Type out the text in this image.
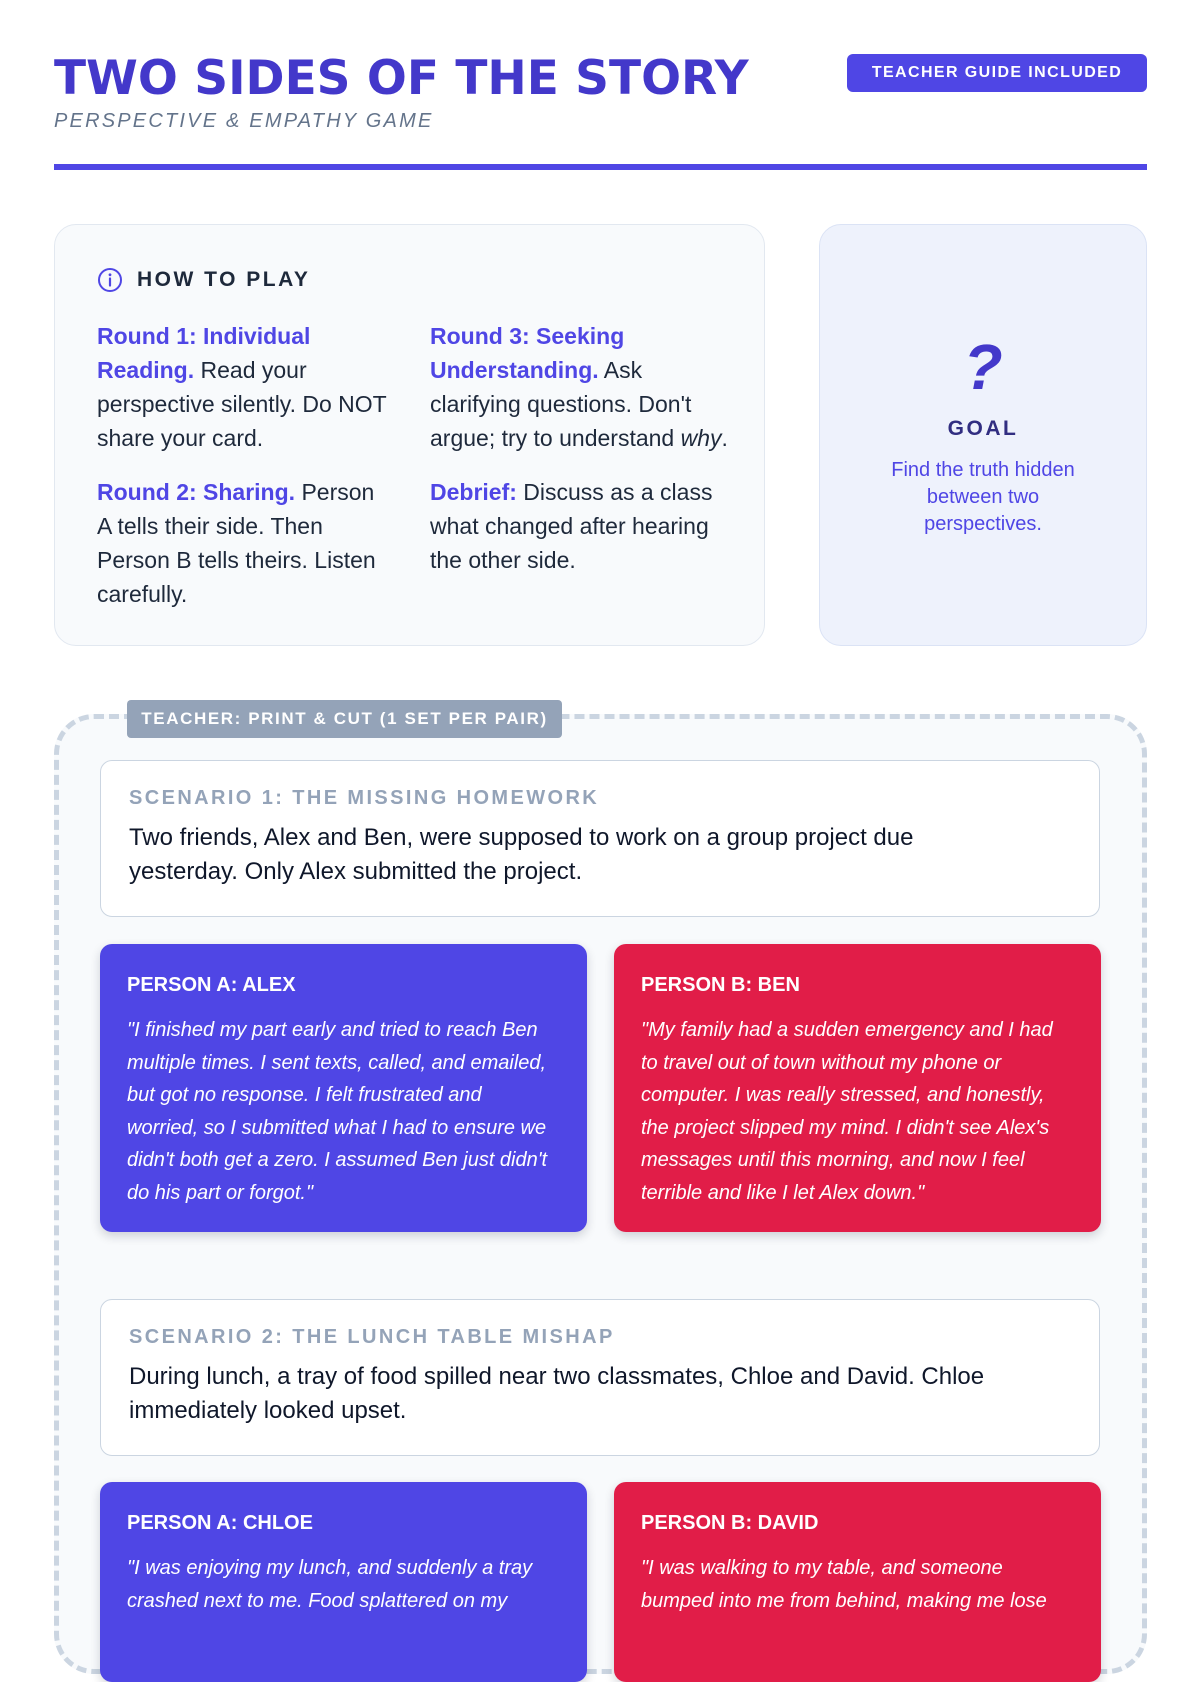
TWO SIDES OF THE STORY
PERSPECTIVE & EMPATHY GAME
TEACHER GUIDE INCLUDED
HOW TO PLAY

Round 1: Individual Reading. Read your perspective silently. Do NOT share your card.

Round 2: Sharing. Person A tells their side. Then Person B tells theirs. Listen carefully.

Round 3: Seeking Understanding. Ask clarifying questions. Don't argue; try to understand why.

Debrief: Discuss as a class what changed after hearing the other side.

?
GOAL
Find the truth hidden between two perspectives.
TEACHER: PRINT & CUT (1 SET PER PAIR)
SCENARIO 1: THE MISSING HOMEWORK
Two friends, Alex and Ben, were supposed to work on a group project due yesterday. Only Alex submitted the project.
PERSON A: ALEX
"I finished my part early and tried to reach Ben multiple times. I sent texts, called, and emailed, but got no response. I felt frustrated and worried, so I submitted what I had to ensure we didn't both get a zero. I assumed Ben just didn't do his part or forgot."
PERSON B: BEN
"My family had a sudden emergency and I had to travel out of town without my phone or computer. I was really stressed, and honestly, the project slipped my mind. I didn't see Alex's messages until this morning, and now I feel terrible and like I let Alex down."
SCENARIO 2: THE LUNCH TABLE MISHAP
During lunch, a tray of food spilled near two classmates, Chloe and David. Chloe immediately looked upset.
PERSON A: CHLOE
"I was enjoying my lunch, and suddenly a tray crashed next to me. Food splattered on my
PERSON B: DAVID
"I was walking to my table, and someone bumped into me from behind, making me lose
